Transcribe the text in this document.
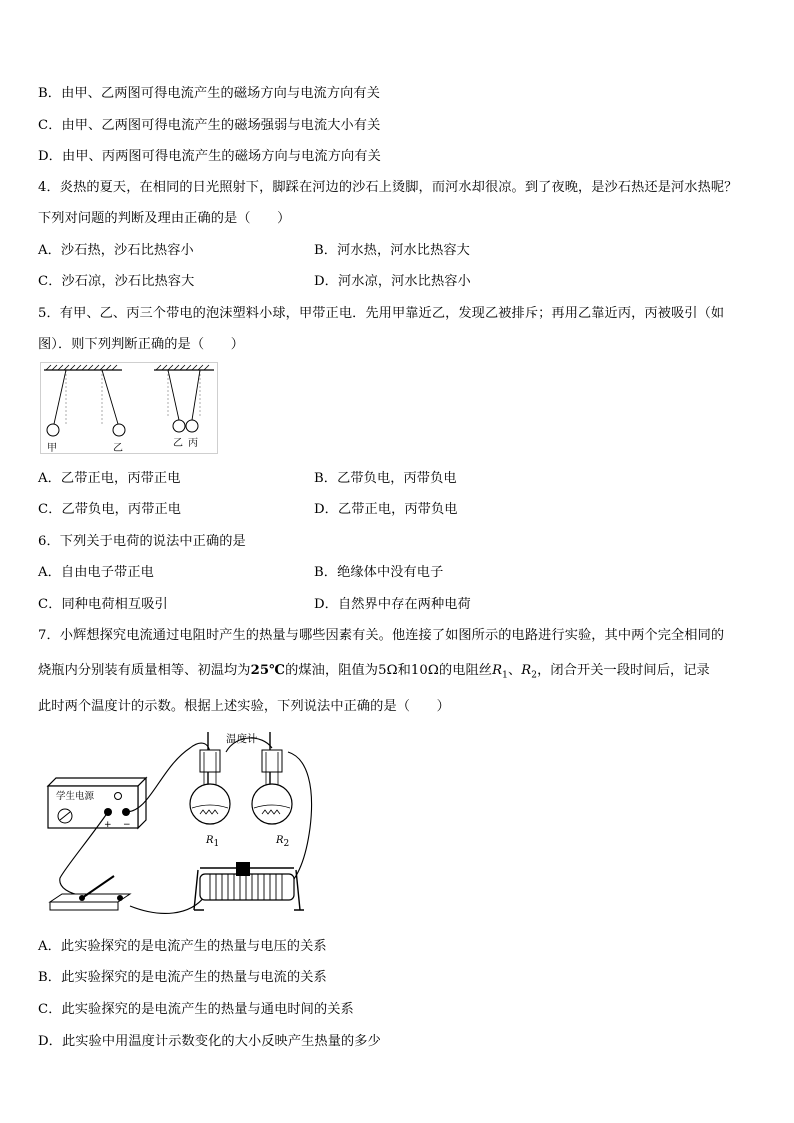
B．由甲、乙两图可得电流产生的磁场方向与电流方向有关
C．由甲、乙两图可得电流产生的磁场强弱与电流大小有关
D．由甲、丙两图可得电流产生的磁场方向与电流方向有关
4．炎热的夏天，在相同的日光照射下，脚踩在河边的沙石上烫脚，而河水却很凉。到了夜晚，是沙石热还是河水热呢？
下列对问题的判断及理由正确的是（　　）
A．沙石热，沙石比热容小	B．河水热，河水比热容大
C．沙石凉，沙石比热容大	D．河水凉，河水比热容小
5．有甲、乙、丙三个带电的泡沫塑料小球，甲带正电．先用甲靠近乙，发现乙被排斥；再用乙靠近丙，丙被吸引（如
图）．则下列判断正确的是（　　）
甲	乙	乙 丙
A．乙带正电，丙带正电	B．乙带负电，丙带负电
C．乙带负电，丙带正电	D．乙带正电，丙带负电
6．下列关于电荷的说法中正确的是
A．自由电子带正电	B．绝缘体中没有电子
C．同种电荷相互吸引	D．自然界中存在两种电荷
7．小辉想探究电流通过电阻时产生的热量与哪些因素有关。他连接了如图所示的电路进行实验，其中两个完全相同的
烧瓶内分别装有质量相等、初温均为25℃的煤油，阻值为5Ω和10Ω的电阻丝$R_1$、$R_2$，闭合开关一段时间后，记录
此时两个温度计的示数。根据上述实验，下列说法中正确的是（　　）
温度计
学生电源
+ −
$R_1$	$R_2$
A．此实验探究的是电流产生的热量与电压的关系
B．此实验探究的是电流产生的热量与电流的关系
C．此实验探究的是电流产生的热量与通电时间的关系
D．此实验中用温度计示数变化的大小反映产生热量的多少
